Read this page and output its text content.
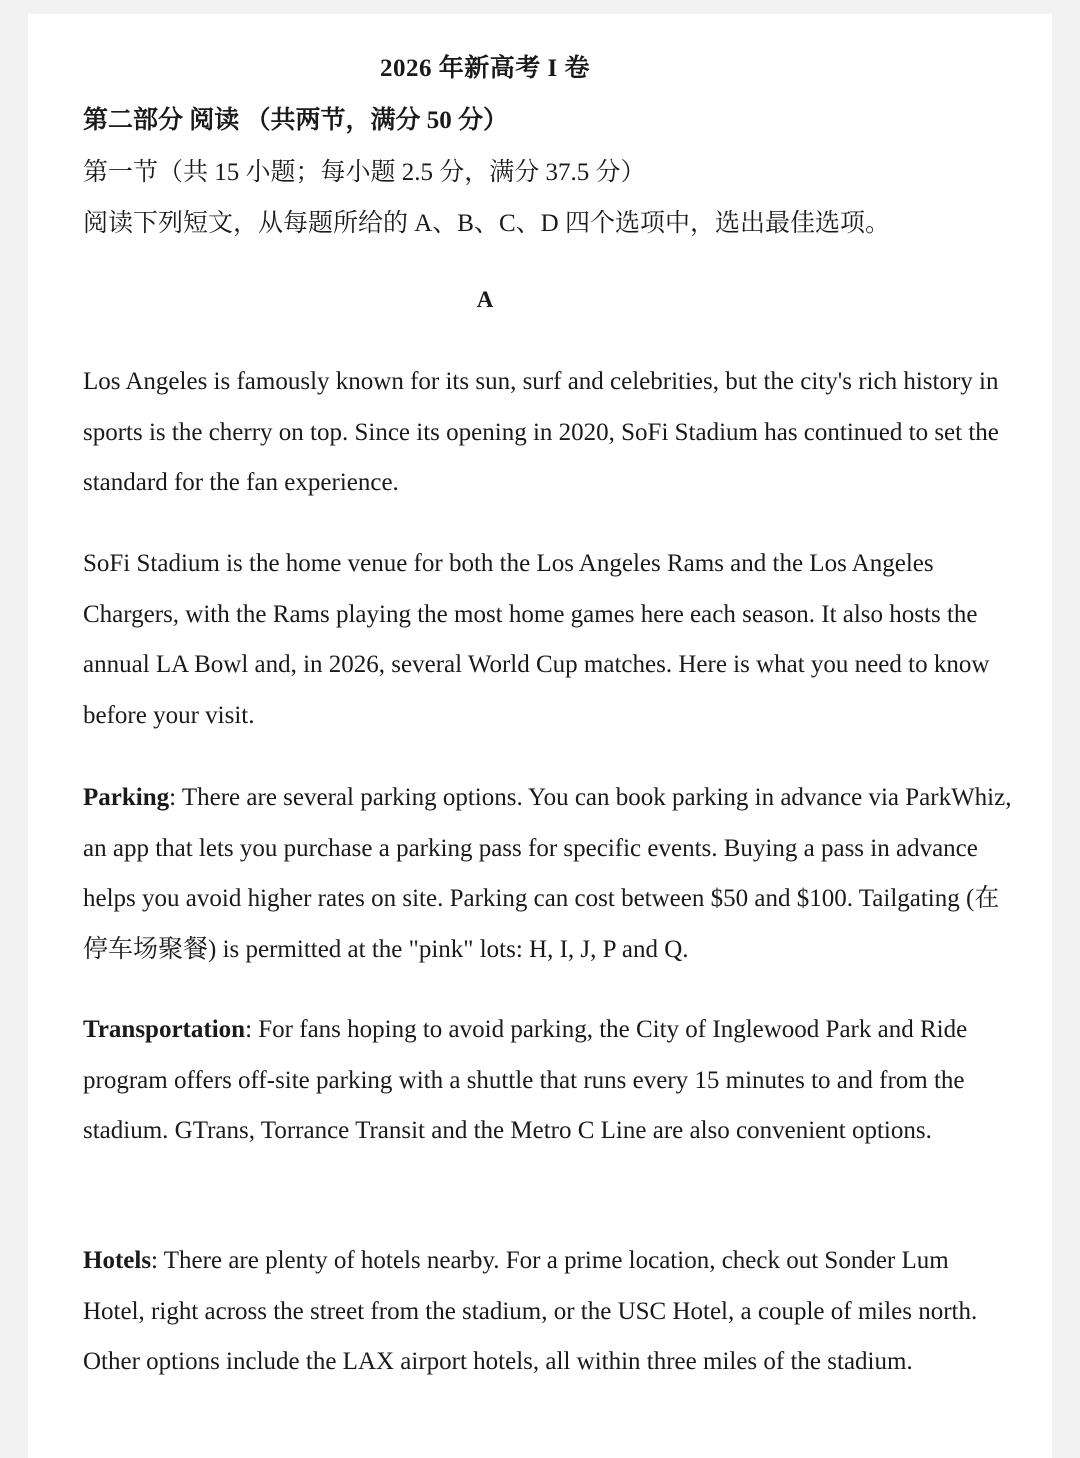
2026 年新高考 I 卷
第二部分 阅读 （共两节，满分 50 分）
第一节（共 15 小题；每小题 2.5 分，满分 37.5 分）
阅读下列短文，从每题所给的 A、B、C、D 四个选项中，选出最佳选项。

Los Angeles is famously known for its sun, surf and celebrities, but the city's rich history in sports is the cherry on top. Since its opening in 2020, SoFi Stadium has continued to set the standard for the fan experience.

SoFi Stadium is the home venue for both the Los Angeles Rams and the Los Angeles Chargers, with the Rams playing the most home games here each season. It also hosts the annual LA Bowl and, in 2026, several World Cup matches. Here is what you need to know before your visit.

Parking: There are several parking options. You can book parking in advance via ParkWhiz, an app that lets you purchase a parking pass for specific events. Buying a pass in advance helps you avoid higher rates on site. Parking can cost between $50 and $100. Tailgating (在停车场聚餐) is permitted at the "pink" lots: H, I, J, P and Q.

Transportation: For fans hoping to avoid parking, the City of Inglewood Park and Ride program offers off-site parking with a shuttle that runs every 15 minutes to and from the stadium. GTrans, Torrance Transit and the Metro C Line are also convenient options.

Hotels: There are plenty of hotels nearby. For a prime location, check out Sonder Lum Hotel, right across the street from the stadium, or the USC Hotel, a couple of miles north. Other options include the LAX airport hotels, all within three miles of the stadium.

A
